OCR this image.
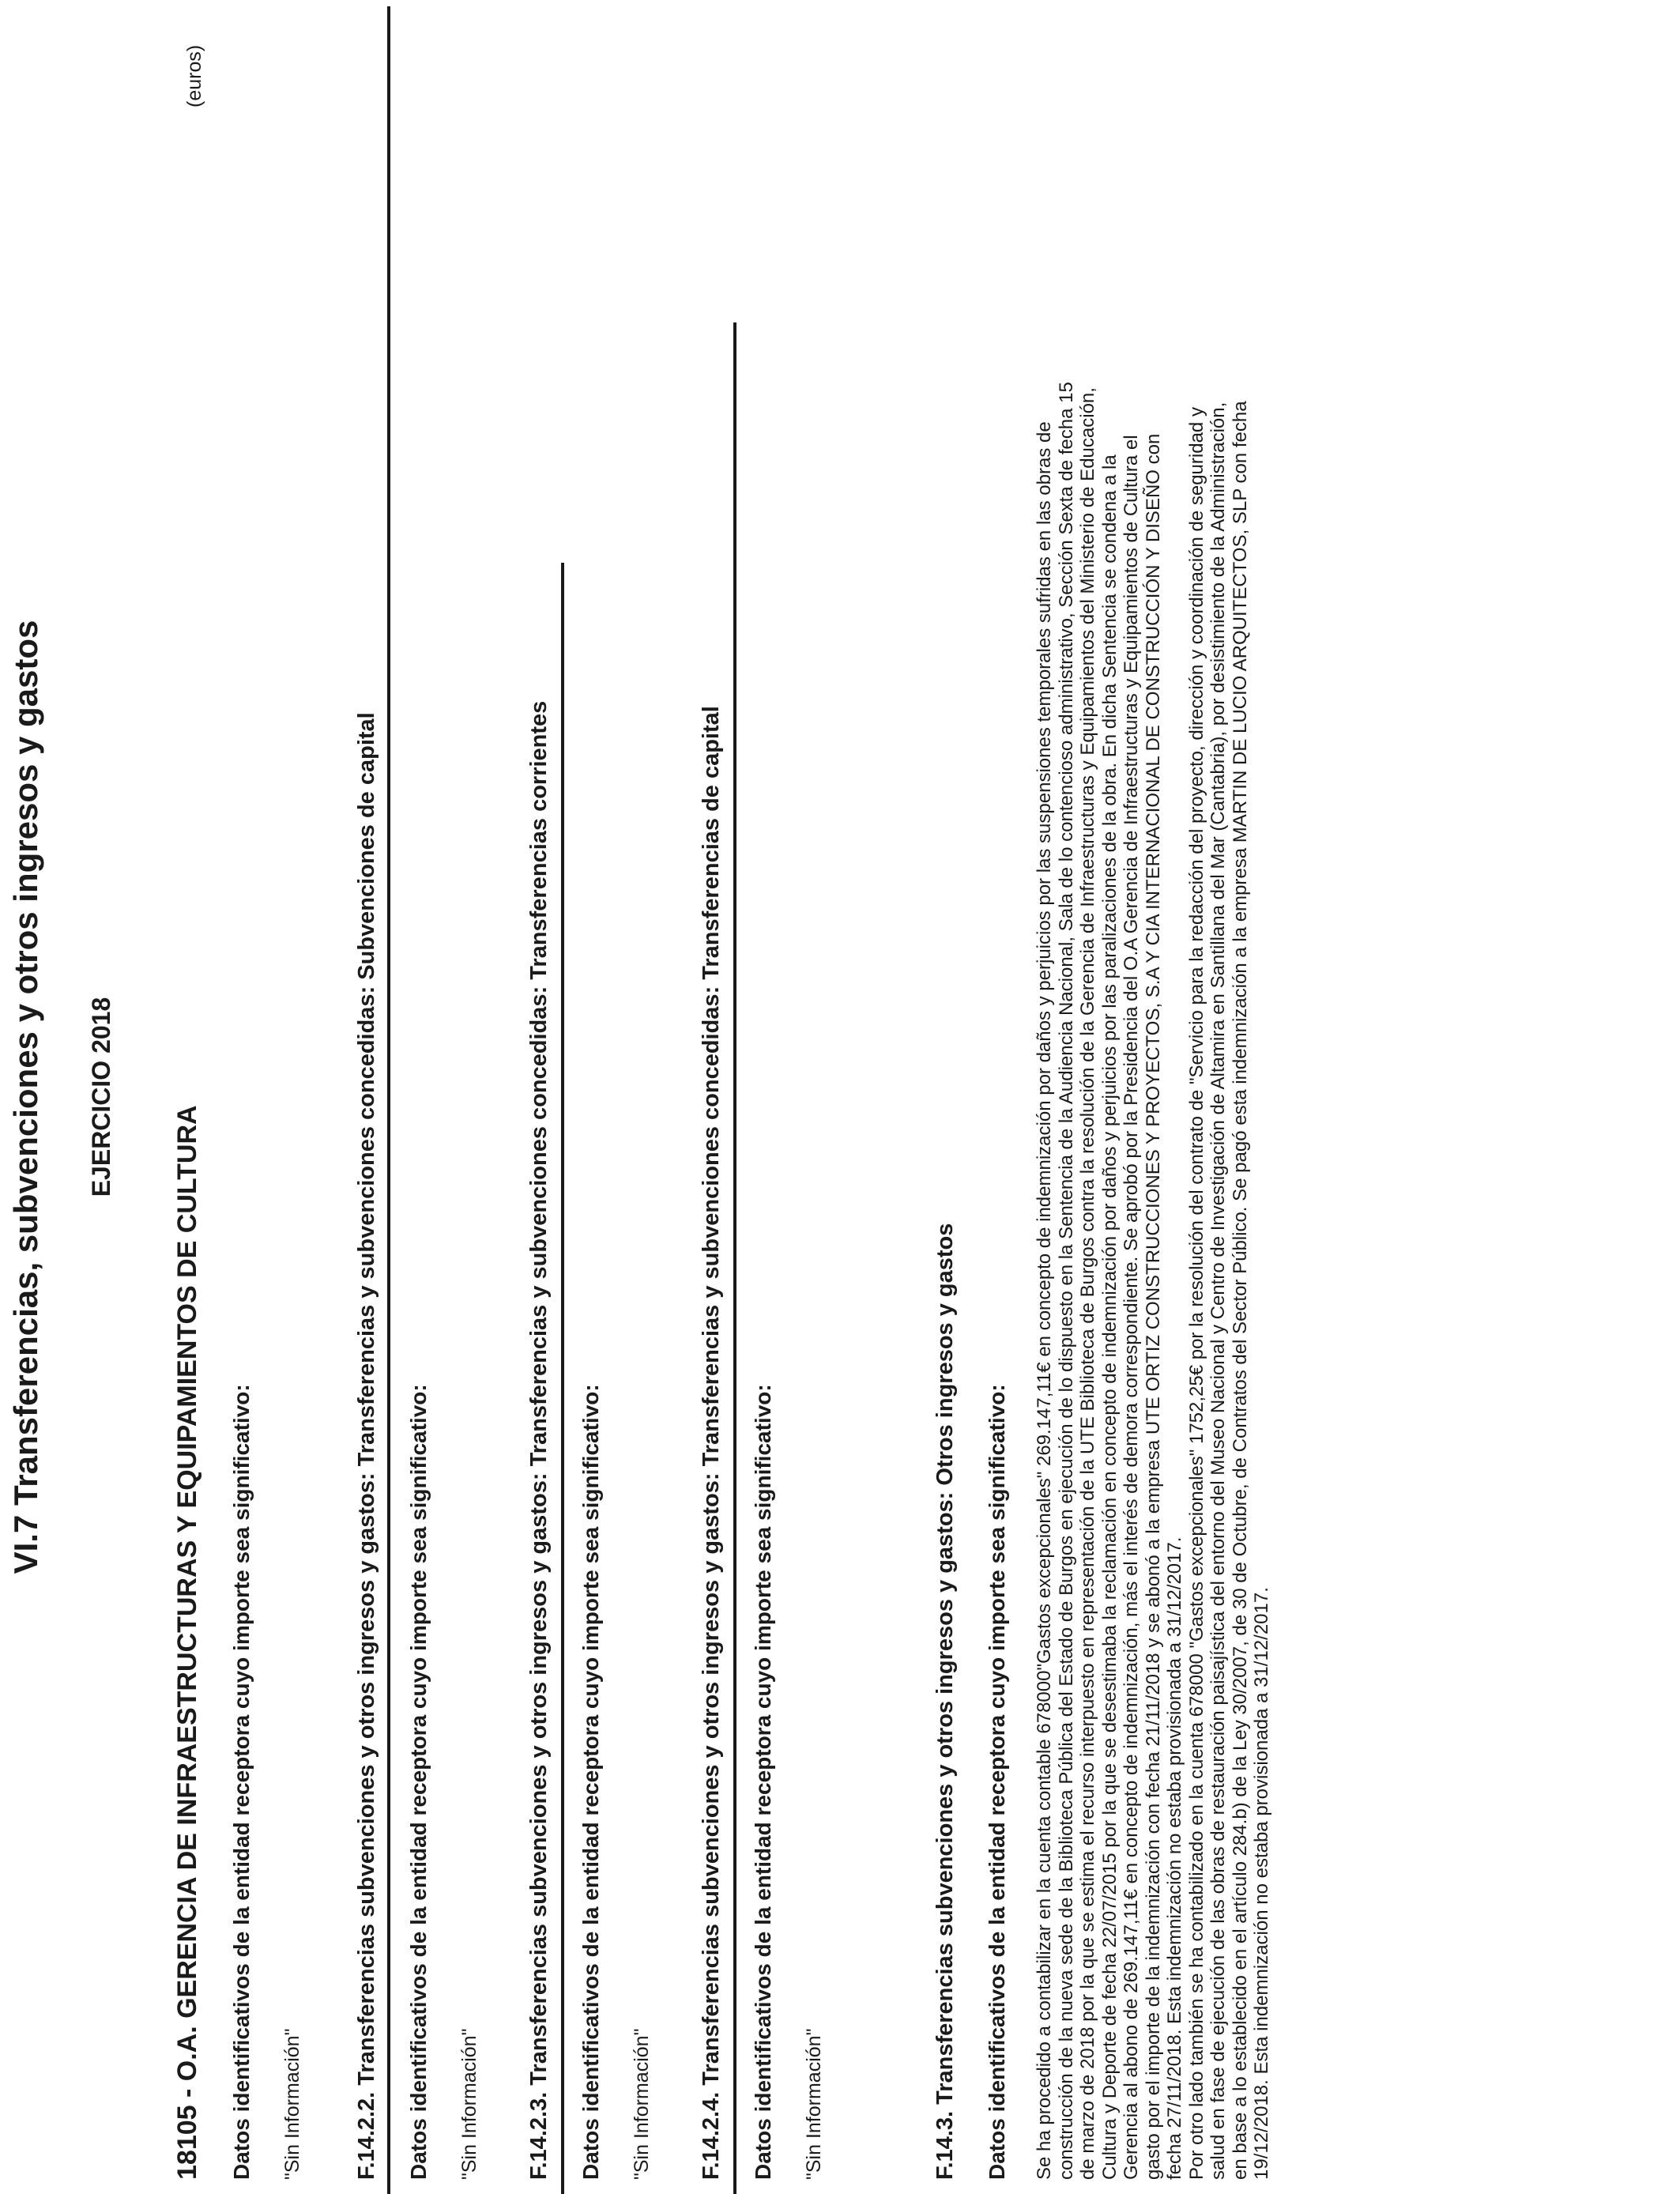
VI.7 Transferencias, subvenciones y otros ingresos y gastos EJERCICIO 2018
(euros)
18105 - O.A. GERENCIA DE INFRAESTRUCTURAS Y EQUIPAMIENTOS DE CULTURA Datos identificativos de la entidad receptora cuyo importe sea significativo: "Sin Información" F.14.2.2. Transferencias subvenciones y otros ingresos y gastos: Transferencias y subvenciones concedidas: Subvenciones de capital Datos identificativos de la entidad receptora cuyo importe sea significativo: "Sin Información" F.14.2.3. Transferencias subvenciones y otros ingresos y gastos: Transferencias y subvenciones concedidas: Transferencias corrientes Datos identificativos de la entidad receptora cuyo importe sea significativo: "Sin Información" F.14.2.4. Transferencias subvenciones y otros ingresos y gastos: Transferencias y subvenciones concedidas: Transferencias de capital Datos identificativos de la entidad receptora cuyo importe sea significativo: "Sin Información"	F.14.3. Transferencias subvenciones y otros ingresos y gastos: Otros ingresos y gastos Datos identificativos de la entidad receptora cuyo importe sea significativo: Se ha procedido a contabilizar en la cuenta contable 678000"Gastos excepcionales" 269.147,11€ en concepto de indemnización por daños y perjuicios por las suspensiones temporales sufridas en las obras de construcción de la nueva sede de la Biblioteca Pública del Estado de Burgos en ejecución de lo dispuesto en la Sentencia de la Audiencia Nacional, Sala de lo contencioso administrativo, Sección Sexta de fecha 15 de marzo de 2018 por la que se estima el recurso interpuesto en representación de la UTE Biblioteca de Burgos contra la resolución de la Gerencia de Infraestructuras y Equipamientos del Ministerio de Educación, Cultura y Deporte de fecha 22/07/2015 por la que se desestimaba la reclamación en concepto de indemnización por daños y perjuicios por las paralizaciones de la obra. En dicha Sentencia se condena a la Gerencia al abono de 269.147,11€ en concepto de indemnización, más el interés de demora correspondiente. Se aprobó por la Presidencia del O.A Gerencia de Infraestructuras y Equipamientos de Cultura el gasto por el importe de la indemnización con fecha 21/11/2018 y se abonó a la empresa UTE ORTIZ CONSTRUCCIONES Y PROYECTOS, S.A Y CIA INTERNACIONAL DE CONSTRUCCIÓN Y DISEÑO con fecha 27/11/2018. Esta indemnización no estaba provisionada a 31/12/2017. Por otro lado también se ha contabilizado en la cuenta 678000 "Gastos excepcionales" 1752,25€ por la resolución del contrato de "Servicio para la redacción del proyecto, dirección y coordinación de seguridad y salud en fase de ejecución de las obras de restauración paisajística del entorno del Museo Nacional y Centro de Investigación de Altamira en Santillana del Mar (Cantabria), por desistimiento de la Administración, en base a lo establecido en el artículo 284.b) de la Ley 30/2007, de 30 de Octubre, de Contratos del Sector Público. Se pagó esta indemnización a la empresa MARTIN DE LUCIO ARQUITECTOS, SLP con fecha 19/12/2018. Esta indemnización no estaba provisionada a 31/12/2017.
